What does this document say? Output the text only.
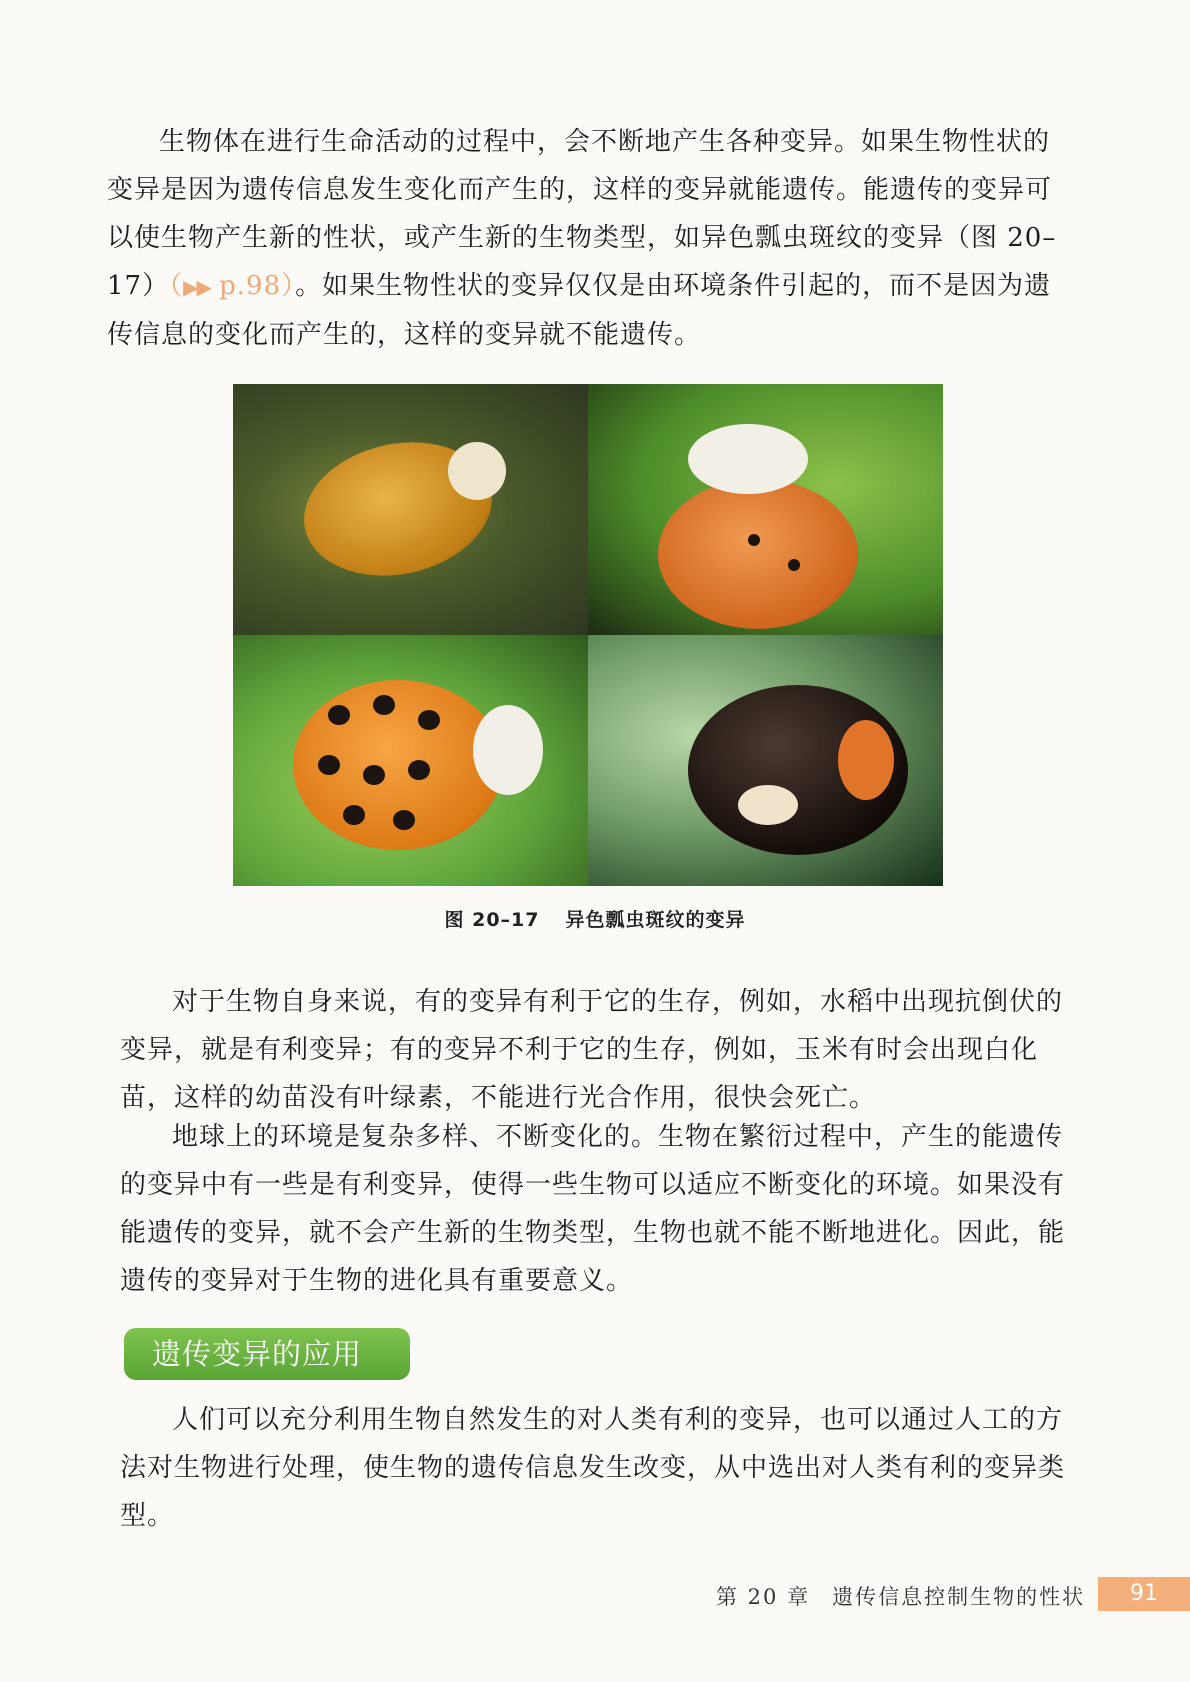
生物体在进行生命活动的过程中，会不断地产生各种变异。如果生物性状的变异是因为遗传信息发生变化而产生的，这样的变异就能遗传。能遗传的变异可以使生物产生新的性状，或产生新的生物类型，如异色瓢虫斑纹的变异（图 20–17）（▶▶ p.98）。如果生物性状的变异仅仅是由环境条件引起的，而不是因为遗传信息的变化而产生的，这样的变异就不能遗传。

图 20–17 异色瓢虫斑纹的变异

对于生物自身来说，有的变异有利于它的生存，例如，水稻中出现抗倒伏的变异，就是有利变异；有的变异不利于它的生存，例如，玉米有时会出现白化苗，这样的幼苗没有叶绿素，不能进行光合作用，很快会死亡。

地球上的环境是复杂多样、不断变化的。生物在繁衍过程中，产生的能遗传的变异中有一些是有利变异，使得一些生物可以适应不断变化的环境。如果没有能遗传的变异，就不会产生新的生物类型，生物也就不能不断地进化。因此，能遗传的变异对于生物的进化具有重要意义。

遗传变异的应用

人们可以充分利用生物自然发生的对人类有利的变异，也可以通过人工的方法对生物进行处理，使生物的遗传信息发生改变，从中选出对人类有利的变异类型。

第 20 章 遗传信息控制生物的性状	91
